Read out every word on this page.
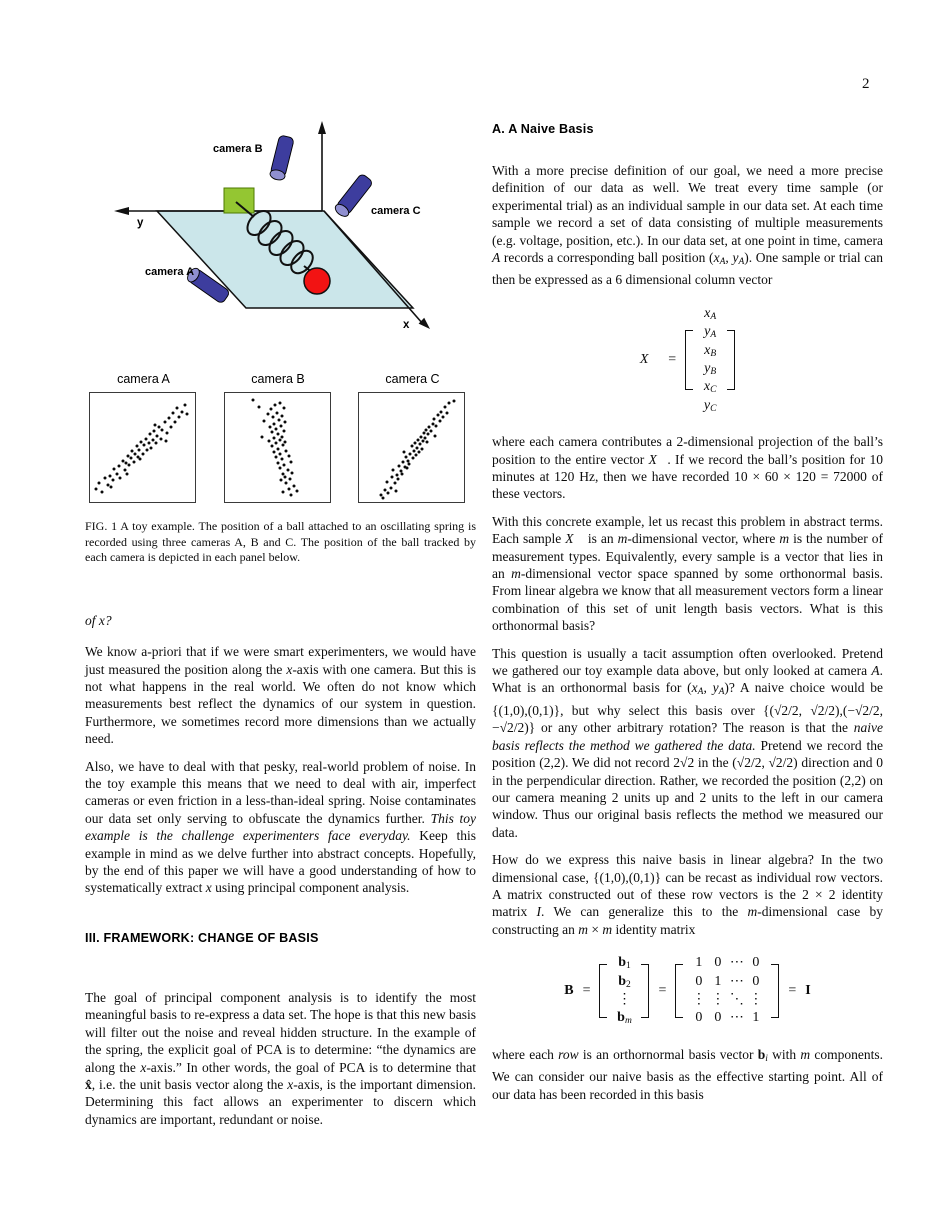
2
y
x
camera B
camera C
camera A
camera A	camera B	camera C
FIG. 1 A toy example. The position of a ball attached to an oscillating spring is recorded using three cameras A, B and C. The position of the ball tracked by each camera is depicted in each panel below.
of x?

We know a-priori that if we were smart experimenters, we would have just measured the position along the x-axis with one camera. But this is not what happens in the real world. We often do not know which measurements best reflect the dynamics of our system in question. Furthermore, we sometimes record more dimensions than we actually need.

Also, we have to deal with that pesky, real-world problem of noise. In the toy example this means that we need to deal with air, imperfect cameras or even friction in a less-than-ideal spring. Noise contaminates our data set only serving to obfuscate the dynamics further. This toy example is the challenge experimenters face everyday. Keep this example in mind as we delve further into abstract concepts. Hopefully, by the end of this paper we will have a good understanding of how to systematically extract x using principal component analysis.

III. FRAMEWORK: CHANGE OF BASIS

The goal of principal component analysis is to identify the most meaningful basis to re-express a data set. The hope is that this new basis will filter out the noise and reveal hidden structure. In the example of the spring, the explicit goal of PCA is to determine: “the dynamics are along the x-axis.” In other words, the goal of PCA is to determine that x̂, i.e. the unit basis vector along the x-axis, is the important dimension. Determining this fact allows an experimenter to discern which dynamics are important, redundant or noise.

A. A Naive Basis

With a more precise definition of our goal, we need a more precise definition of our data as well. We treat every time sample (or experimental trial) as an individual sample in our data set. At each time sample we record a set of data consisting of multiple measurements (e.g. voltage, position, etc.). In our data set, at one point in time, camera A records a corresponding ball position (xA, yA). One sample or trial can then be expressed as a 6 dimensional column vector

X⃗ =
xA
yA
xB
yB
xC
yC

where each camera contributes a 2-dimensional projection of the ball’s position to the entire vector X⃗. If we record the ball’s position for 10 minutes at 120 Hz, then we have recorded 10 × 60 × 120 = 72000 of these vectors.

With this concrete example, let us recast this problem in abstract terms. Each sample X⃗ is an m-dimensional vector, where m is the number of measurement types. Equivalently, every sample is a vector that lies in an m-dimensional vector space spanned by some orthonormal basis. From linear algebra we know that all measurement vectors form a linear combination of this set of unit length basis vectors. What is this orthonormal basis?

This question is usually a tacit assumption often overlooked. Pretend we gathered our toy example data above, but only looked at camera A. What is an orthonormal basis for (xA, yA)? A naive choice would be {(1,0),(0,1)}, but why select this basis over {(√2/2, √2/2),(−√2/2, −√2/2)} or any other arbitrary rotation? The reason is that the naive basis reflects the method we gathered the data. Pretend we record the position (2,2). We did not record 2√2 in the (√2/2, √2/2) direction and 0 in the perpendicular direction. Rather, we recorded the position (2,2) on our camera meaning 2 units up and 2 units to the left in our camera window. Thus our original basis reflects the method we measured our data.

How do we express this naive basis in linear algebra? In the two dimensional case, {(1,0),(0,1)} can be recast as individual row vectors. A matrix constructed out of these row vectors is the 2 × 2 identity matrix I. We can generalize this to the m-dimensional case by constructing an m × m identity matrix

B =
b1
b2
⋮
bm
=
1 0 ⋯ 0
0 1 ⋯ 0
⋮ ⋮ ⋱ ⋮
0 0 ⋯ 1
= I

where each row is an orthornormal basis vector bi with m components. We can consider our naive basis as the effective starting point. All of our data has been recorded in this basis
